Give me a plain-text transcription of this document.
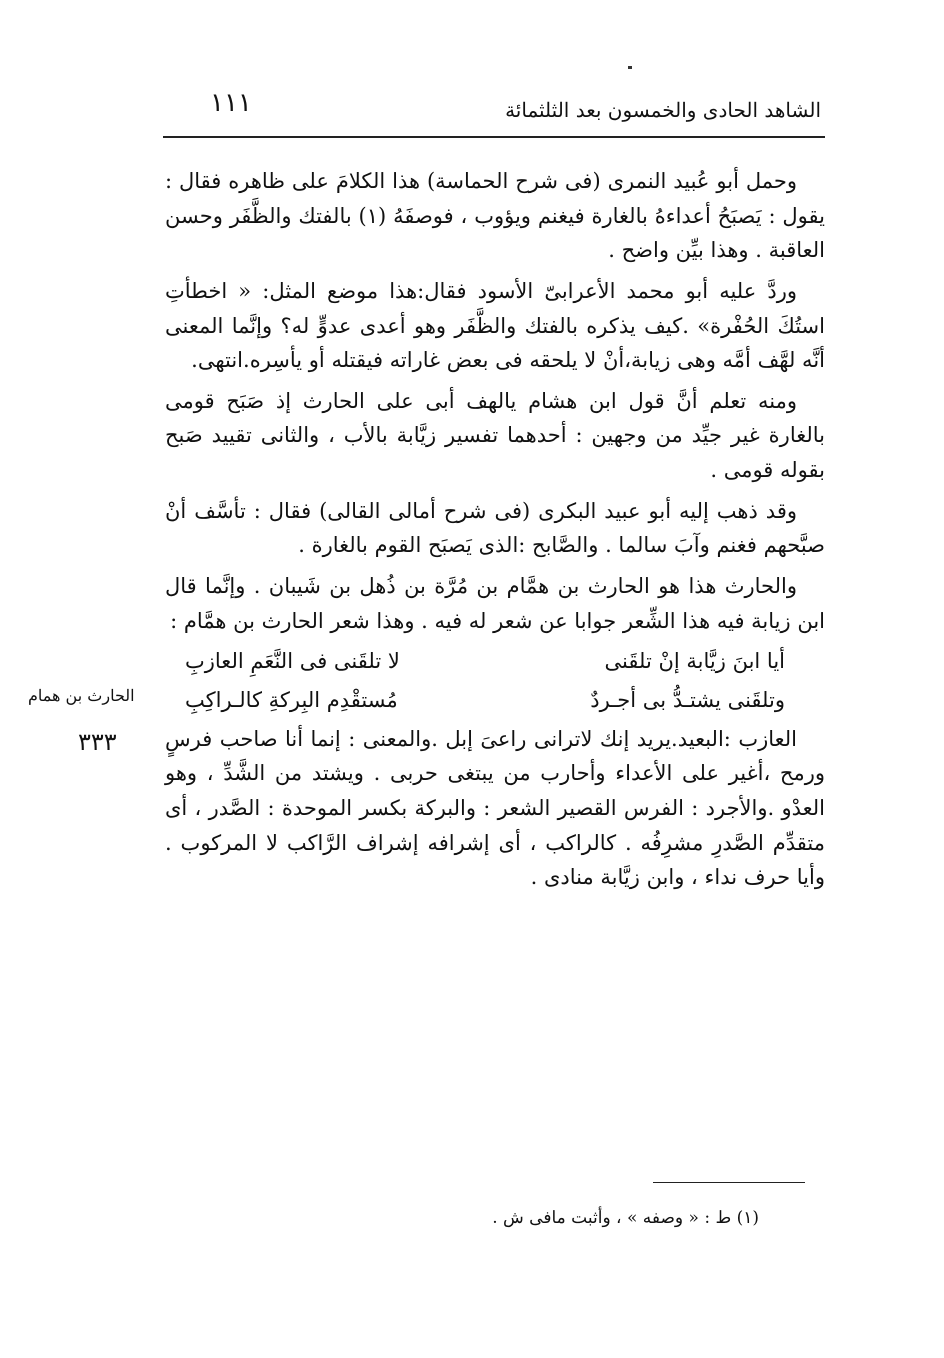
الشاهد الحادى والخمسون بعد الثلثمائة
١١١

وحمل أبو عُبيد النمرى (فى شرح الحماسة) هذا الكلامَ على ظاهره فقال : يقول : يَصبَحُ أعداءهُ بالغارة فيغنم ويؤوب ، فوصفَهُ (١) بالفتك والظَّفَر وحسن العاقبة . وهذا بيِّن واضح .

وردَّ عليه أبو محمد الأعرابىّ الأسود فقال:هذا موضع المثل: « اخطأتِ استُكَ الحُفْرة» .كيف يذكره بالفتك والظَّفَر وهو أعدى عدوٍّ له؟ وإنَّما المعنى أنَّه لهَّف أمَّه وهى زيابة،أنْ لا يلحقه فى بعض غاراته فيقتله أو يأسِره.انتهى.

ومنه تعلم أنَّ قول ابن هشام يالهف أبى على الحارث إذ صَبَح قومى بالغارة غير جيِّد من وجهين : أحدهما تفسير زيَّابة بالأب ، والثانى تقييد صَبح بقوله قومى .

وقد ذهب إليه أبو عبيد البكرى (فى شرح أمالى القالى) فقال : تأسَّف أنْ صبَّحهم فغنم وآبَ سالما . والصَّابح :الذى يَصبَح القوم بالغارة .

والحارث هذا هو الحارث بن همَّام بن مُرَّة بن ذُهل بن شَيبان . وإنَّما قال ابن زيابة فيه هذا الشِّعر جوابا عن شعر له فيه . وهذا شعر الحارث بن همَّام :

أيا ابنَ زيَّابة إنْ تلقَنى
لا تلقَنى فى النَّعَمِ العازبِ
وتلقَنى يشتـدُّ بى أجـردٌ
مُستقْدِم البِركةِ كالـراكِبِ

العازب :البعيد.يريد إنك لاترانى راعىَ إبل .والمعنى : إنما أنا صاحب فرسٍ ورمح ،أغير على الأعداء وأحارب من يبتغى حربى . ويشتد من الشَّدِّ ، وهو العدْو .والأجرد : الفرس القصير الشعر : والبركة بكسر الموحدة : الصَّدر ، أى متقدِّم الصَّدرِ مشرِفُه . كالراكب ، أى إشرافه إشراف الرَّاكب لا المركوب . وأيا حرف نداء ، وابن زيَّابة منادى .

الحارث بن همام
٣٣٣
(١) ط : « وصفه » ، وأثبت مافى ش .
